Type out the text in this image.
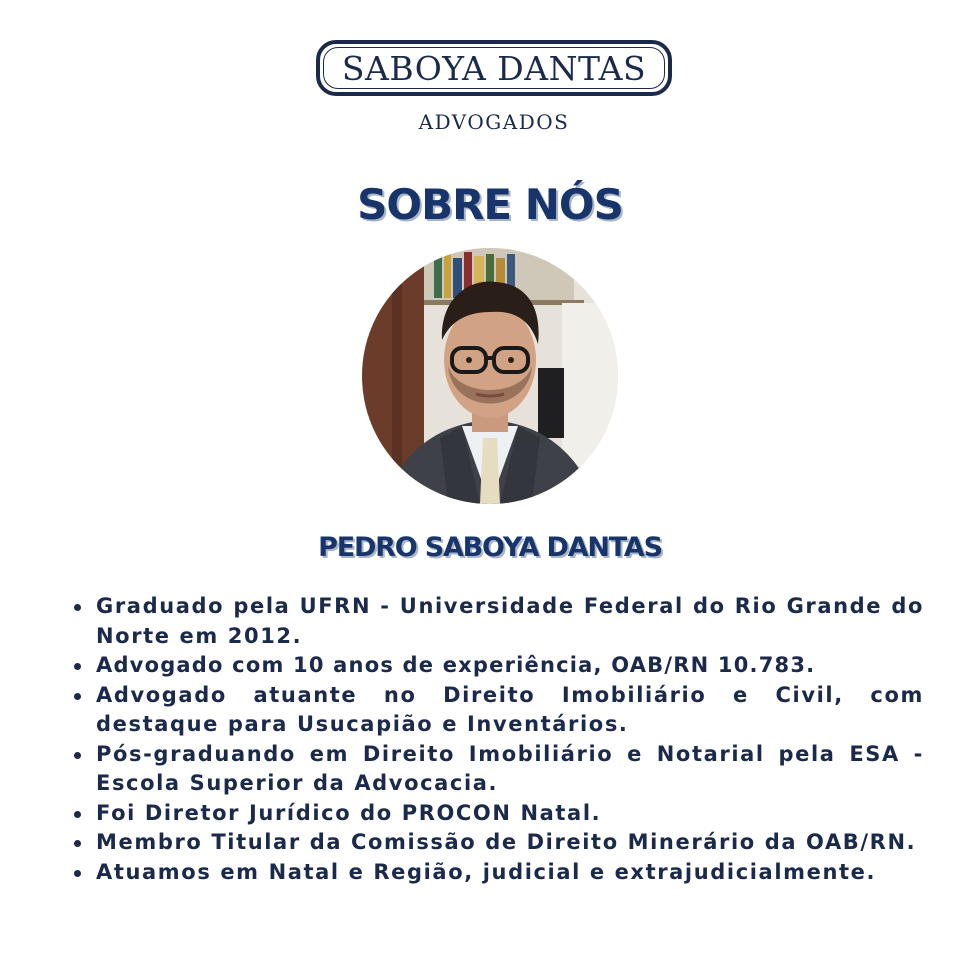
SABOYA DANTAS
ADVOGADOS
SOBRE NÓS
PEDRO SABOYA DANTAS
Graduado pela UFRN - Universidade Federal do Rio Grande do Norte em 2012.
Advogado com 10 anos de experiência, OAB/RN 10.783.
Advogado atuante no Direito Imobiliário e Civil, com destaque para Usucapião e Inventários.
Pós-graduando em Direito Imobiliário e Notarial pela ESA - Escola Superior da Advocacia.
Foi Diretor Jurídico do PROCON Natal.
Membro Titular da Comissão de Direito Minerário da OAB/RN.
Atuamos em Natal e Região, judicial e extrajudicialmente.
